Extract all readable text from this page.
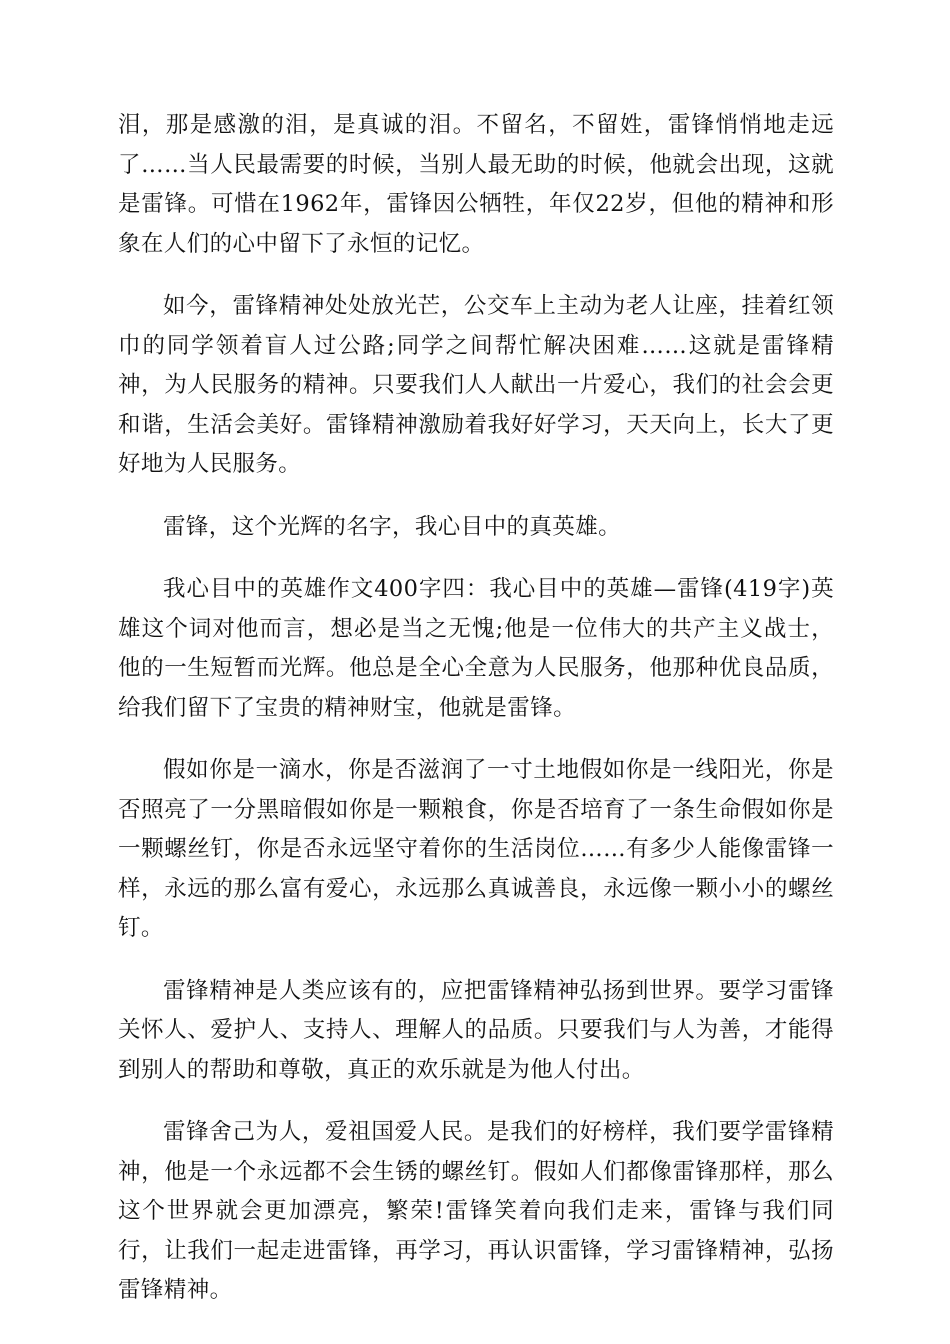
泪，那是感激的泪，是真诚的泪。不留名，不留姓，雷锋悄悄地走远了……当人民最需要的时候，当别人最无助的时候，他就会出现，这就是雷锋。可惜在1962年，雷锋因公牺牲，年仅22岁，但他的精神和形象在人们的心中留下了永恒的记忆。

如今，雷锋精神处处放光芒，公交车上主动为老人让座，挂着红领巾的同学领着盲人过公路;同学之间帮忙解决困难……这就是雷锋精神，为人民服务的精神。只要我们人人献出一片爱心，我们的社会会更和谐，生活会美好。雷锋精神激励着我好好学习，天天向上，长大了更好地为人民服务。

雷锋，这个光辉的名字，我心目中的真英雄。

我心目中的英雄作文400字四：我心目中的英雄—雷锋(419字)英雄这个词对他而言，想必是当之无愧;他是一位伟大的共产主义战士，他的一生短暂而光辉。他总是全心全意为人民服务，他那种优良品质，给我们留下了宝贵的精神财宝，他就是雷锋。

假如你是一滴水，你是否滋润了一寸土地假如你是一线阳光，你是否照亮了一分黑暗假如你是一颗粮食，你是否培育了一条生命假如你是一颗螺丝钉，你是否永远坚守着你的生活岗位……有多少人能像雷锋一样，永远的那么富有爱心，永远那么真诚善良，永远像一颗小小的螺丝钉。

雷锋精神是人类应该有的，应把雷锋精神弘扬到世界。要学习雷锋关怀人、爱护人、支持人、理解人的品质。只要我们与人为善，才能得到别人的帮助和尊敬，真正的欢乐就是为他人付出。

雷锋舍己为人，爱祖国爱人民。是我们的好榜样，我们要学雷锋精神，他是一个永远都不会生锈的螺丝钉。假如人们都像雷锋那样，那么这个世界就会更加漂亮，繁荣!雷锋笑着向我们走来，雷锋与我们同行，让我们一起走进雷锋，再学习，再认识雷锋，学习雷锋精神，弘扬雷锋精神。
